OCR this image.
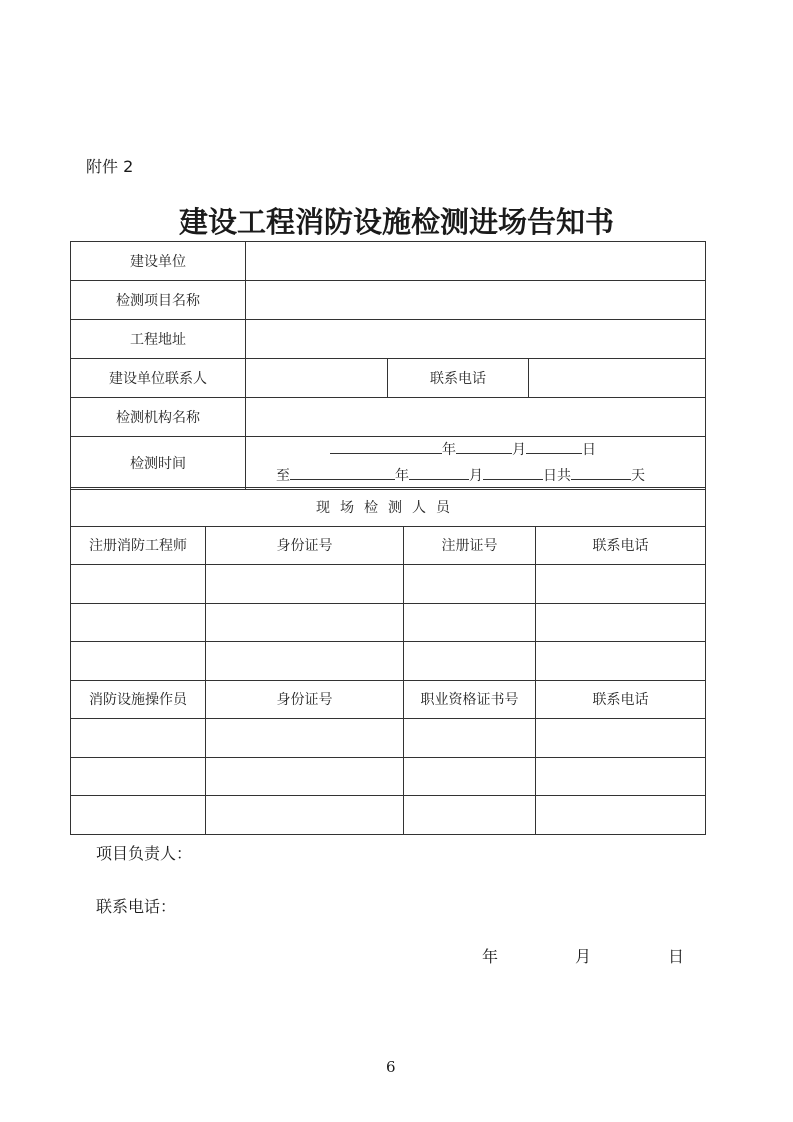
附件 2
建设工程消防设施检测进场告知书
建设单位			
检测项目名称			
工程地址			
建设单位联系人		联系电话	
检测机构名称			
检测时间	年 月 日
至 年 月 日共 天		
现场检测人员			
注册消防工程师	身份证号	注册证号	联系电话

消防设施操作员	身份证号	职业资格证书号	联系电话

项目负责人：
联系电话：
年	月	日
6
